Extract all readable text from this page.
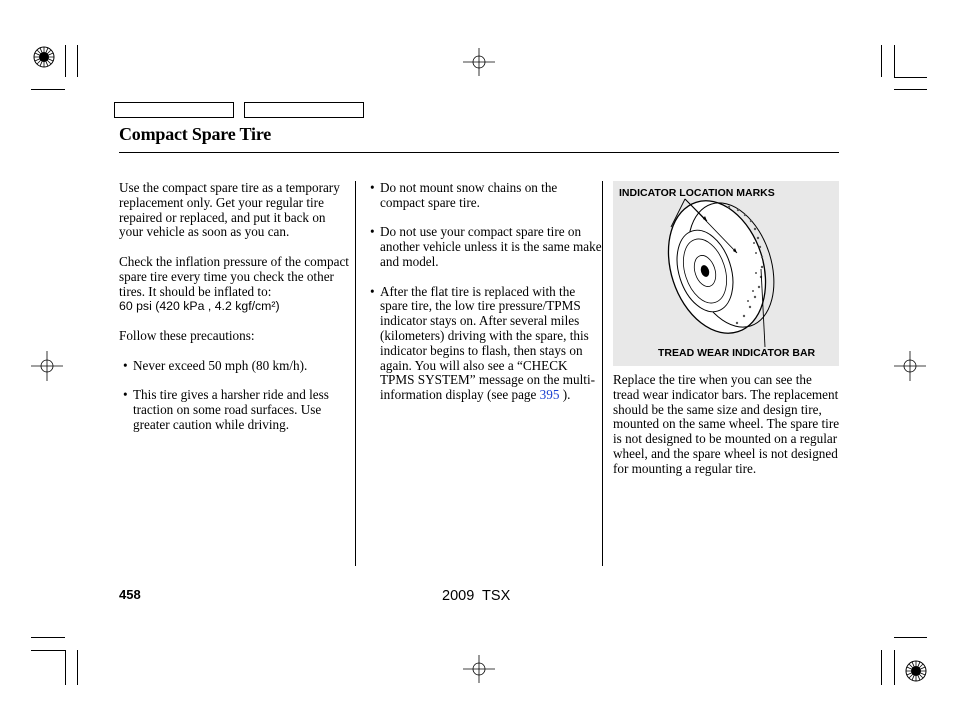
Compact Spare Tire

Use the compact spare tire as a temporary replacement only. Get your regular tire repaired or replaced, and put it back on your vehicle as soon as you can.

Check the inflation pressure of the compact spare tire every time you check the other tires. It should be inflated to:

60 psi (420 kPa , 4.2 kgf/cm²)

Follow these precautions:

• Never exceed 50 mph (80 km/h).

• This tire gives a harsher ride and less traction on some road surfaces. Use greater caution while driving.

• Do not mount snow chains on the compact spare tire.

• Do not use your compact spare tire on another vehicle unless it is the same make and model.

• After the flat tire is replaced with the spare tire, the low tire pressure/TPMS indicator stays on. After several miles (kilometers) driving with the spare, this indicator begins to flash, then stays on again. You will also see a “CHECK TPMS SYSTEM” message on the multi-information display (see page 395 ).

INDICATOR LOCATION MARKS
TREAD WEAR INDICATOR BAR

Replace the tire when you can see the tread wear indicator bars. The replacement should be the same size and design tire, mounted on the same wheel. The spare tire is not designed to be mounted on a regular wheel, and the spare wheel is not designed for mounting a regular tire.

458	2009  TSX
